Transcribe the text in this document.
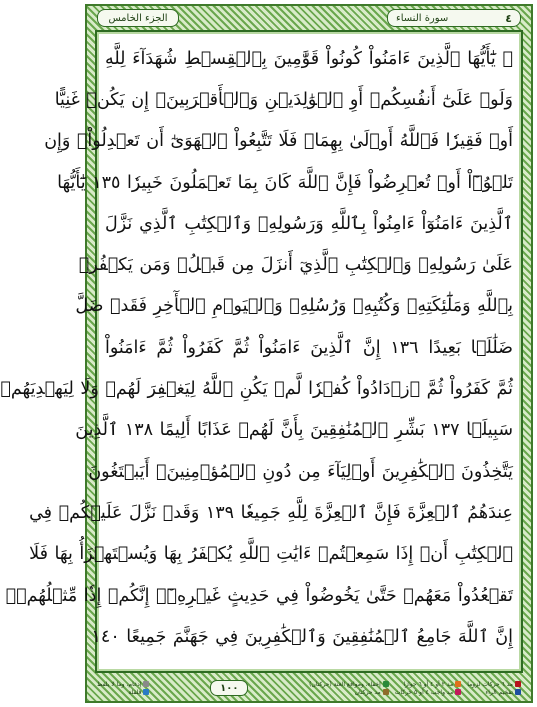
٤
سورة النساء
الجزء الخامس
۞ يَٰٓأَيُّهَا ٱلَّذِينَ ءَامَنُواْ كُونُواْ قَوَّٰمِينَ بِٱلۡقِسۡطِ شُهَدَآءَ لِلَّهِ
وَلَوۡ عَلَىٰٓ أَنفُسِكُمۡ أَوِ ٱلۡوَٰلِدَيۡنِ وَٱلۡأَقۡرَبِينَۚ إِن يَكُنۡ غَنِيًّا
أَوۡ فَقِيرٗا فَٱللَّهُ أَوۡلَىٰ بِهِمَاۖ فَلَا تَتَّبِعُواْ ٱلۡهَوَىٰٓ أَن تَعۡدِلُواْۚ وَإِن
تَلۡوُۥٓاْ أَوۡ تُعۡرِضُواْ فَإِنَّ ٱللَّهَ كَانَ بِمَا تَعۡمَلُونَ خَبِيرٗا ١٣٥ يَٰٓأَيُّهَا
ٱلَّذِينَ ءَامَنُوٓاْ ءَامِنُواْ بِٱللَّهِ وَرَسُولِهِۦ وَٱلۡكِتَٰبِ ٱلَّذِي نَزَّلَ
عَلَىٰ رَسُولِهِۦ وَٱلۡكِتَٰبِ ٱلَّذِيٓ أَنزَلَ مِن قَبۡلُۚ وَمَن يَكۡفُرۡ
بِٱللَّهِ وَمَلَٰٓئِكَتِهِۦ وَكُتُبِهِۦ وَرُسُلِهِۦ وَٱلۡيَوۡمِ ٱلۡأٓخِرِ فَقَدۡ ضَلَّ
ضَلَٰلَۢا بَعِيدًا ١٣٦ إِنَّ ٱلَّذِينَ ءَامَنُواْ ثُمَّ كَفَرُواْ ثُمَّ ءَامَنُواْ
ثُمَّ كَفَرُواْ ثُمَّ ٱزۡدَادُواْ كُفۡرٗا لَّمۡ يَكُنِ ٱللَّهُ لِيَغۡفِرَ لَهُمۡ وَلَا لِيَهۡدِيَهُمۡ
سَبِيلَۢا ١٣٧ بَشِّرِ ٱلۡمُنَٰفِقِينَ بِأَنَّ لَهُمۡ عَذَابًا أَلِيمًا ١٣٨ ٱلَّذِينَ
يَتَّخِذُونَ ٱلۡكَٰفِرِينَ أَوۡلِيَآءَ مِن دُونِ ٱلۡمُؤۡمِنِينَۚ أَيَبۡتَغُونَ
عِندَهُمُ ٱلۡعِزَّةَ فَإِنَّ ٱلۡعِزَّةَ لِلَّهِ جَمِيعٗا ١٣٩ وَقَدۡ نَزَّلَ عَلَيۡكُمۡ فِي
ٱلۡكِتَٰبِ أَنۡ إِذَا سَمِعۡتُمۡ ءَايَٰتِ ٱللَّهِ يُكۡفَرُ بِهَا وَيُسۡتَهۡزَأُ بِهَا فَلَا
تَقۡعُدُواْ مَعَهُمۡ حَتَّىٰ يَخُوضُواْ فِي حَدِيثٍ غَيۡرِهِۦٓۚ إِنَّكُمۡ إِذٗا مِّثۡلُهُمۡۗ
إِنَّ ٱللَّهَ جَامِعُ ٱلۡمُنَٰفِقِينَ وَٱلۡكَٰفِرِينَ فِي جَهَنَّمَ جَمِيعًا ١٤٠
مد ٦ حركات لزوما
مد ٢ أو ٤ أو ٦ جوازا
إخفاء، ومواقع الغنة (حركتان)
تفخيم الراء
مد واجب ٤ أو ٥ حركات
مد حركتان
١٠٠
إدغام، وما لا يلفظ
قلقلة
